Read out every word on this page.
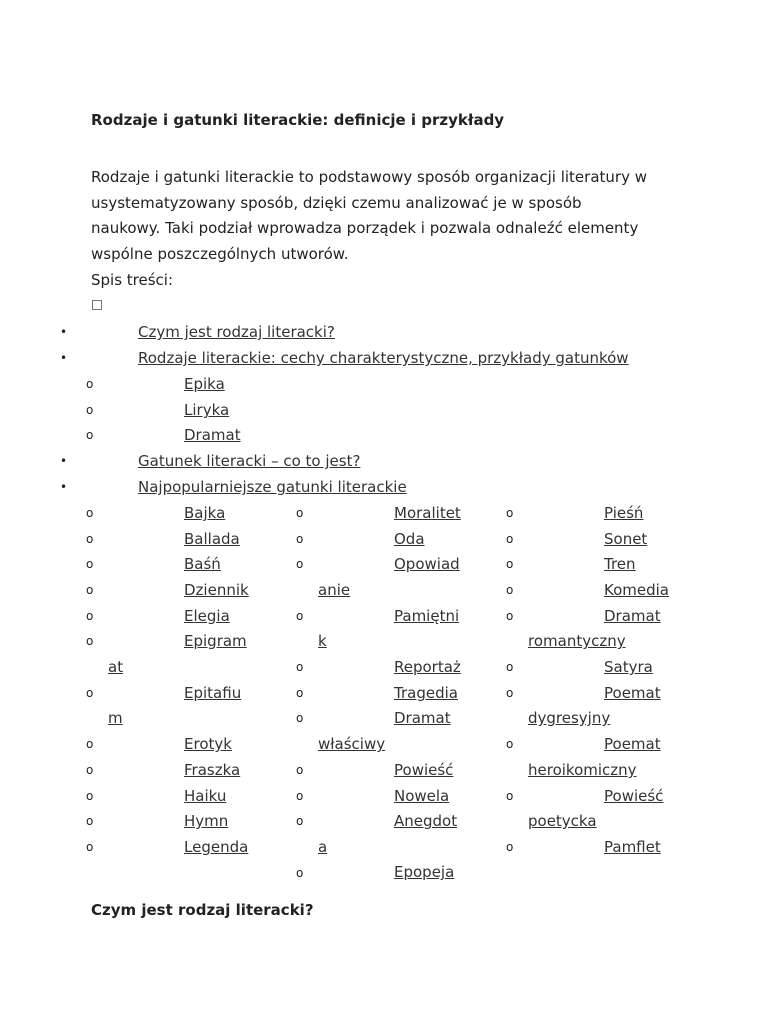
Rodzaje i gatunki literackie: definicje i przykłady
Rodzaje i gatunki literackie to podstawowy sposób organizacji literatury w
usystematyzowany sposób, dzięki czemu analizować je w sposób
naukowy. Taki podział wprowadza porządek i pozwala odnaleźć elementy
wspólne poszczególnych utworów.
Spis treści:
•	Czym jest rodzaj literacki?
•	Rodzaje literackie: cechy charakterystyczne, przykłady gatunków
o	Epika
o	Liryka
o	Dramat
•	Gatunek literacki – co to jest?
•	Najpopularniejsze gatunki literackie
o	Bajka
o	Ballada
o	Baśń
o	Dziennik
o	Elegia
o	Epigram
at
o	Epitafiu
m
o	Erotyk
o	Fraszka
o	Haiku
o	Hymn
o	Legenda
o	Moralitet
o	Oda
o	Opowiad
anie
o	Pamiętni
k
o	Reportaż
o	Tragedia
o	Dramat
właściwy
o	Powieść
o	Nowela
o	Anegdot
a
o	Epopeja
o	Pieśń
o	Sonet
o	Tren
o	Komedia
o	Dramat
romantyczny
o	Satyra
o	Poemat
dygresyjny
o	Poemat
heroikomiczny
o	Powieść
poetycka
o	Pamflet
Czym jest rodzaj literacki?
